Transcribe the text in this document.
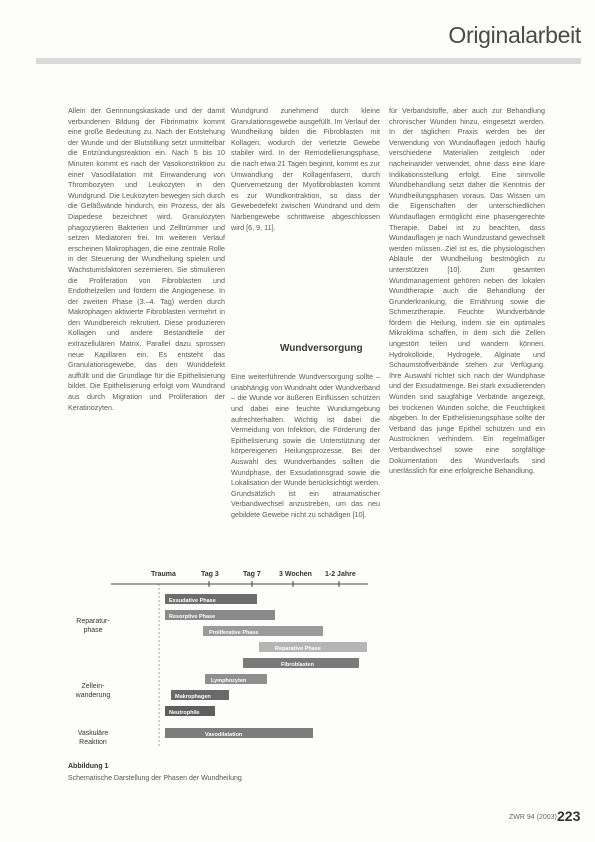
Originalarbeit

Allein der Gerinnungskaskade und der damit verbundenen Bildung der Fibrinmatrix kommt eine große Bedeutung zu. Nach der Entstehung der Wunde und der Blutstillung setzt unmittelbar die Entzündungsreaktion ein. Nach 5 bis 10 Minuten kommt es nach der Vasokonstriktion zu einer Vasodilatation mit Einwanderung von Thrombozyten und Leukozyten in den Wundgrund. Die Leukozyten bewegen sich durch die Gefäßwände hindurch, ein Prozess, der als Diapedese bezeichnet wird. Granulozyten phagozytieren Bakterien und Zelltrümmer und setzen Mediatoren frei. Im weiteren Verlauf erscheinen Makrophagen, die eine zentrale Rolle in der Steuerung der Wundheilung spielen und Wachstumsfaktoren sezernieren. Sie stimulieren die Proliferation von Fibroblasten und Endothelzellen und fördern die Angiogenese. In der zweiten Phase (3.–4. Tag) werden durch Makrophagen aktivierte Fibroblasten vermehrt in den Wundbereich rekrutiert. Diese produzieren Kollagen und andere Bestandteile der extrazellulären Matrix. Parallel dazu sprossen neue Kapillaren ein. Es entsteht das Granulationsgewebe, das den Wunddefekt auffüllt und die Grundlage für die Epithelisierung bildet. Die Epithelisierung erfolgt vom Wundrand aus durch Migration und Proliferation der Keratinozyten.

Wundgrund zunehmend durch kleine Granulationsgewebe ausgefüllt. Im Verlauf der Wundheilung bilden die Fibroblasten mit Kollagen, wodurch der verletzte Gewebe stabiler wird. In der Remodellierungsphase, die nach etwa 21 Tagen beginnt, kommt es zur Umwandlung der Kollagenfasern, durch Quervernetzung der Myofibroblasten kommt es zur Wundkontraktion, so dass der Gewebedefekt zwischen Wundrand und dem Narbengewebe schrittweise abgeschlossen wird [6, 9, 11].

Wundversorgung

Eine weiterführende Wundversorgung sollte – unabhängig von Wundnaht oder Wundverband – die Wunde vor äußeren Einflüssen schützen und dabei eine feuchte Wundumgebung aufrechterhalten. Wichtig ist dabei die Vermeidung von Infektion, die Förderung der Epithelisierung sowie die Unterstützung der körpereigenen Heilungsprozesse. Bei der Auswahl des Wundverbandes sollten die Wundphase, der Exsudationsgrad sowie die Lokalisation der Wunde berücksichtigt werden. Grundsätzlich ist ein atraumatischer Verbandwechsel anzustreben, um das neu gebildete Gewebe nicht zu schädigen [10].

für Verbandstoffe, aber auch zur Behandlung chronischer Wunden hinzu, eingesetzt werden. In der täglichen Praxis werden bei der Verwendung von Wundauflagen jedoch häufig verschiedene Materialien zeitgleich oder nacheinander verwendet, ohne dass eine klare Indikationsstellung erfolgt. Eine sinnvolle Wundbehandlung setzt daher die Kenntnis der Wundheilungsphasen voraus. Das Wissen um die Eigenschaften der unterschiedlichen Wundauflagen ermöglicht eine phasengerechte Therapie. Dabei ist zu beachten, dass Wundauflagen je nach Wundzustand gewechselt werden müssen. Ziel ist es, die physiologischen Abläufe der Wundheilung bestmöglich zu unterstützen [10]. Zum gesamten Wundmanagement gehören neben der lokalen Wundtherapie auch die Behandlung der Grunderkrankung, die Ernährung sowie die Schmerztherapie. Feuchte Wundverbände fördern die Heilung, indem sie ein optimales Mikroklima schaffen, in dem sich die Zellen ungestört teilen und wandern können. Hydrokolloide, Hydrogele, Alginate und Schaumstoffverbände stehen zur Verfügung. Ihre Auswahl richtet sich nach der Wundphase und der Exsudatmenge. Bei stark exsudierenden Wunden sind saugfähige Verbände angezeigt, bei trockenen Wunden solche, die Feuchtigkeit abgeben. In der Epithelisierungsphase sollte der Verband das junge Epithel schützen und ein Austrocknen verhindern. Ein regelmäßiger Verbandwechsel sowie eine sorgfältige Dokumentation des Wundverlaufs sind unerlässlich für eine erfolgreiche Behandlung.

Trauma	Tag 3	Tag 7	3 Wochen 1-2 Jahre
Reparatur-
phase
Zellein-
wanderung
Vaskuläre
Reaktion
Exsudative Phase
Resorptive Phase
Proliferative Phase
Reparative Phase
Fibroblasten
Lymphozyten
Makrophagen
Neutrophile
Vasodilatation
Abbildung 1
Schematische Darstellung der Phasen der Wundheilung
ZWR 94 (2003) 223
